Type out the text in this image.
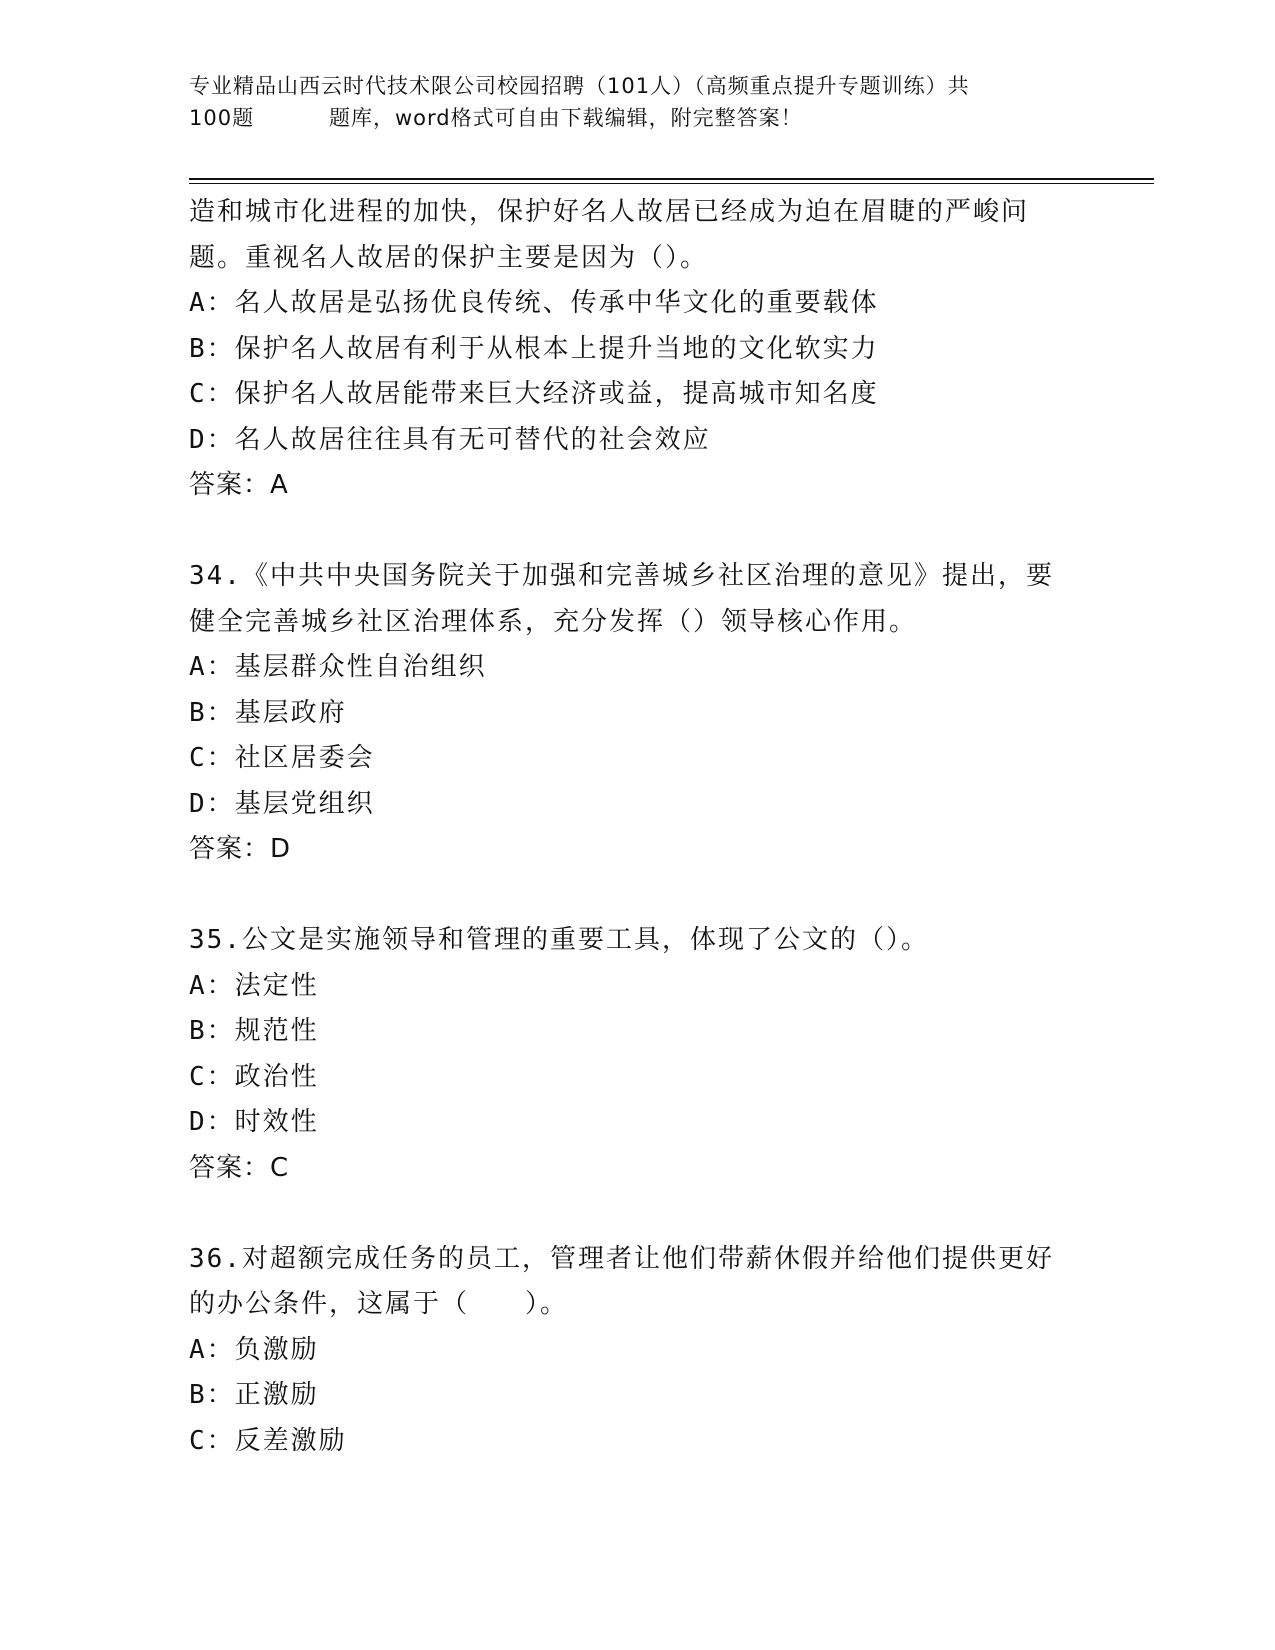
专业精品山西云时代技术限公司校园招聘（101人）（高频重点提升专题训练）共
100题	题库，word格式可自由下载编辑，附完整答案！
造和城市化进程的加快，保护好名人故居已经成为迫在眉睫的严峻问
题。重视名人故居的保护主要是因为（）。
A：名人故居是弘扬优良传统、传承中华文化的重要载体
B：保护名人故居有利于从根本上提升当地的文化软实力
C：保护名人故居能带来巨大经济或益，提高城市知名度
D：名人故居往往具有无可替代的社会效应
答案：A
34.《中共中央国务院关于加强和完善城乡社区治理的意见》提出，要
健全完善城乡社区治理体系，充分发挥（）领导核心作用。
A：基层群众性自治组织
B：基层政府
C：社区居委会
D：基层党组织
答案：D
35.公文是实施领导和管理的重要工具，体现了公文的（）。
A：法定性
B：规范性
C：政治性
D：时效性
答案：C
36.对超额完成任务的员工，管理者让他们带薪休假并给他们提供更好
的办公条件，这属于（　　）。
A：负激励
B：正激励
C：反差激励
